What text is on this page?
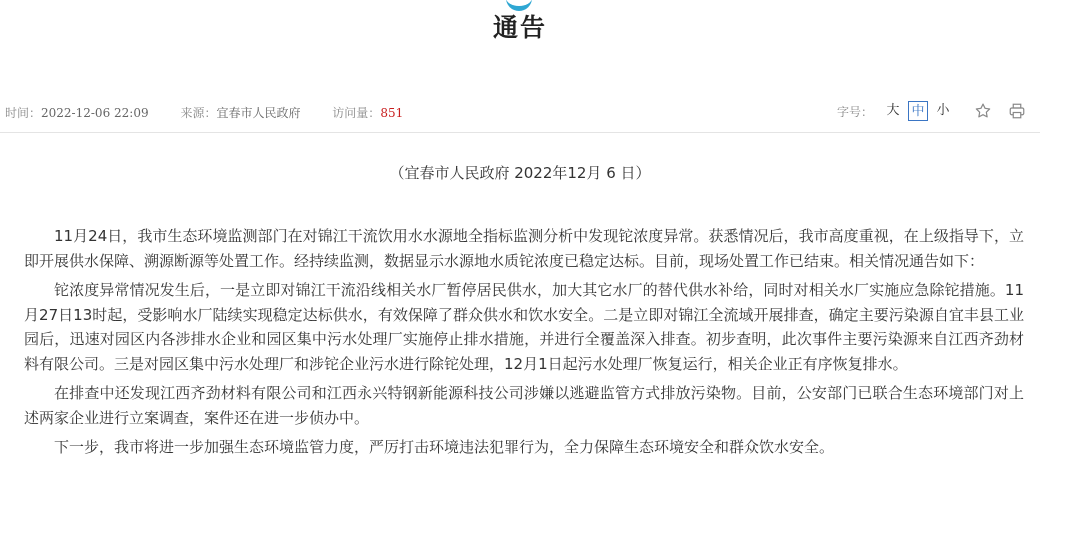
通告
时间：2022-12-06 22:09	来源：宜春市人民政府	访问量：851	字号： 大 中 小
（宜春市人民政府 2022年12月 6 日）

11月24日，我市生态环境监测部门在对锦江干流饮用水水源地全指标监测分析中发现铊浓度异常。获悉情况后，我市高度重视，在上级指导下，立即开展供水保障、溯源断源等处置工作。经持续监测，数据显示水源地水质铊浓度已稳定达标。目前，现场处置工作已结束。相关情况通告如下：

铊浓度异常情况发生后，一是立即对锦江干流沿线相关水厂暂停居民供水，加大其它水厂的替代供水补给，同时对相关水厂实施应急除铊措施。11月27日13时起，受影响水厂陆续实现稳定达标供水，有效保障了群众供水和饮水安全。二是立即对锦江全流域开展排查，确定主要污染源自宜丰县工业园后，迅速对园区内各涉排水企业和园区集中污水处理厂实施停止排水措施，并进行全覆盖深入排查。初步查明，此次事件主要污染源来自江西齐劲材料有限公司。三是对园区集中污水处理厂和涉铊企业污水进行除铊处理，12月1日起污水处理厂恢复运行，相关企业正有序恢复排水。

在排查中还发现江西齐劲材料有限公司和江西永兴特钢新能源科技公司涉嫌以逃避监管方式排放污染物。目前，公安部门已联合生态环境部门对上述两家企业进行立案调查，案件还在进一步侦办中。

下一步，我市将进一步加强生态环境监管力度，严厉打击环境违法犯罪行为，全力保障生态环境安全和群众饮水安全。
